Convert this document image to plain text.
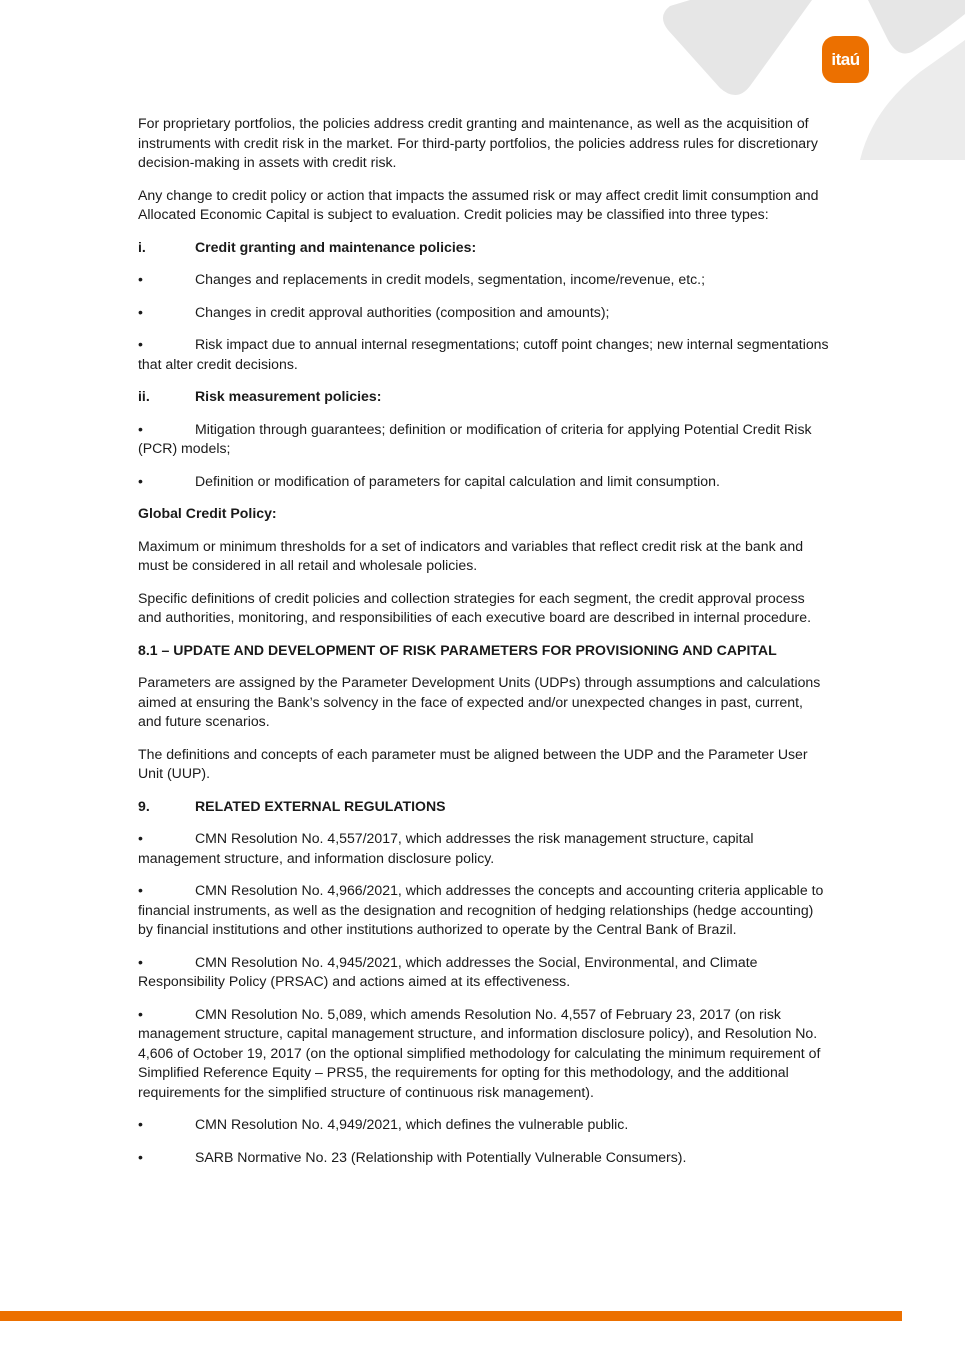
itaú

For proprietary portfolios, the policies address credit granting and maintenance, as well as the acquisition of instruments with credit risk in the market. For third-party portfolios, the policies address rules for discretionary decision-making in assets with credit risk.

Any change to credit policy or action that impacts the assumed risk or may affect credit limit consumption and Allocated Economic Capital is subject to evaluation. Credit policies may be classified into three types:

i.	Credit granting and maintenance policies:

•	Changes and replacements in credit models, segmentation, income/revenue, etc.;

•	Changes in credit approval authorities (composition and amounts);

•	Risk impact due to annual internal resegmentations; cutoff point changes; new internal segmentations that alter credit decisions.

ii.	Risk measurement policies:

•	Mitigation through guarantees; definition or modification of criteria for applying Potential Credit Risk (PCR) models;

•	Definition or modification of parameters for capital calculation and limit consumption.

Global Credit Policy:

Maximum or minimum thresholds for a set of indicators and variables that reflect credit risk at the bank and must be considered in all retail and wholesale policies.

Specific definitions of credit policies and collection strategies for each segment, the credit approval process and authorities, monitoring, and responsibilities of each executive board are described in internal procedure.

8.1 – UPDATE AND DEVELOPMENT OF RISK PARAMETERS FOR PROVISIONING AND CAPITAL

Parameters are assigned by the Parameter Development Units (UDPs) through assumptions and calculations aimed at ensuring the Bank’s solvency in the face of expected and/or unexpected changes in past, current, and future scenarios.

The definitions and concepts of each parameter must be aligned between the UDP and the Parameter User Unit (UUP).

9.	RELATED EXTERNAL REGULATIONS

•	CMN Resolution No. 4,557/2017, which addresses the risk management structure, capital management structure, and information disclosure policy.

•	CMN Resolution No. 4,966/2021, which addresses the concepts and accounting criteria applicable to financial instruments, as well as the designation and recognition of hedging relationships (hedge accounting) by financial institutions and other institutions authorized to operate by the Central Bank of Brazil.

•	CMN Resolution No. 4,945/2021, which addresses the Social, Environmental, and Climate Responsibility Policy (PRSAC) and actions aimed at its effectiveness.

•	CMN Resolution No. 5,089, which amends Resolution No. 4,557 of February 23, 2017 (on risk management structure, capital management structure, and information disclosure policy), and Resolution No. 4,606 of October 19, 2017 (on the optional simplified methodology for calculating the minimum requirement of Simplified Reference Equity – PRS5, the requirements for opting for this methodology, and the additional requirements for the simplified structure of continuous risk management).

•	CMN Resolution No. 4,949/2021, which defines the vulnerable public.

•	SARB Normative No. 23 (Relationship with Potentially Vulnerable Consumers).
